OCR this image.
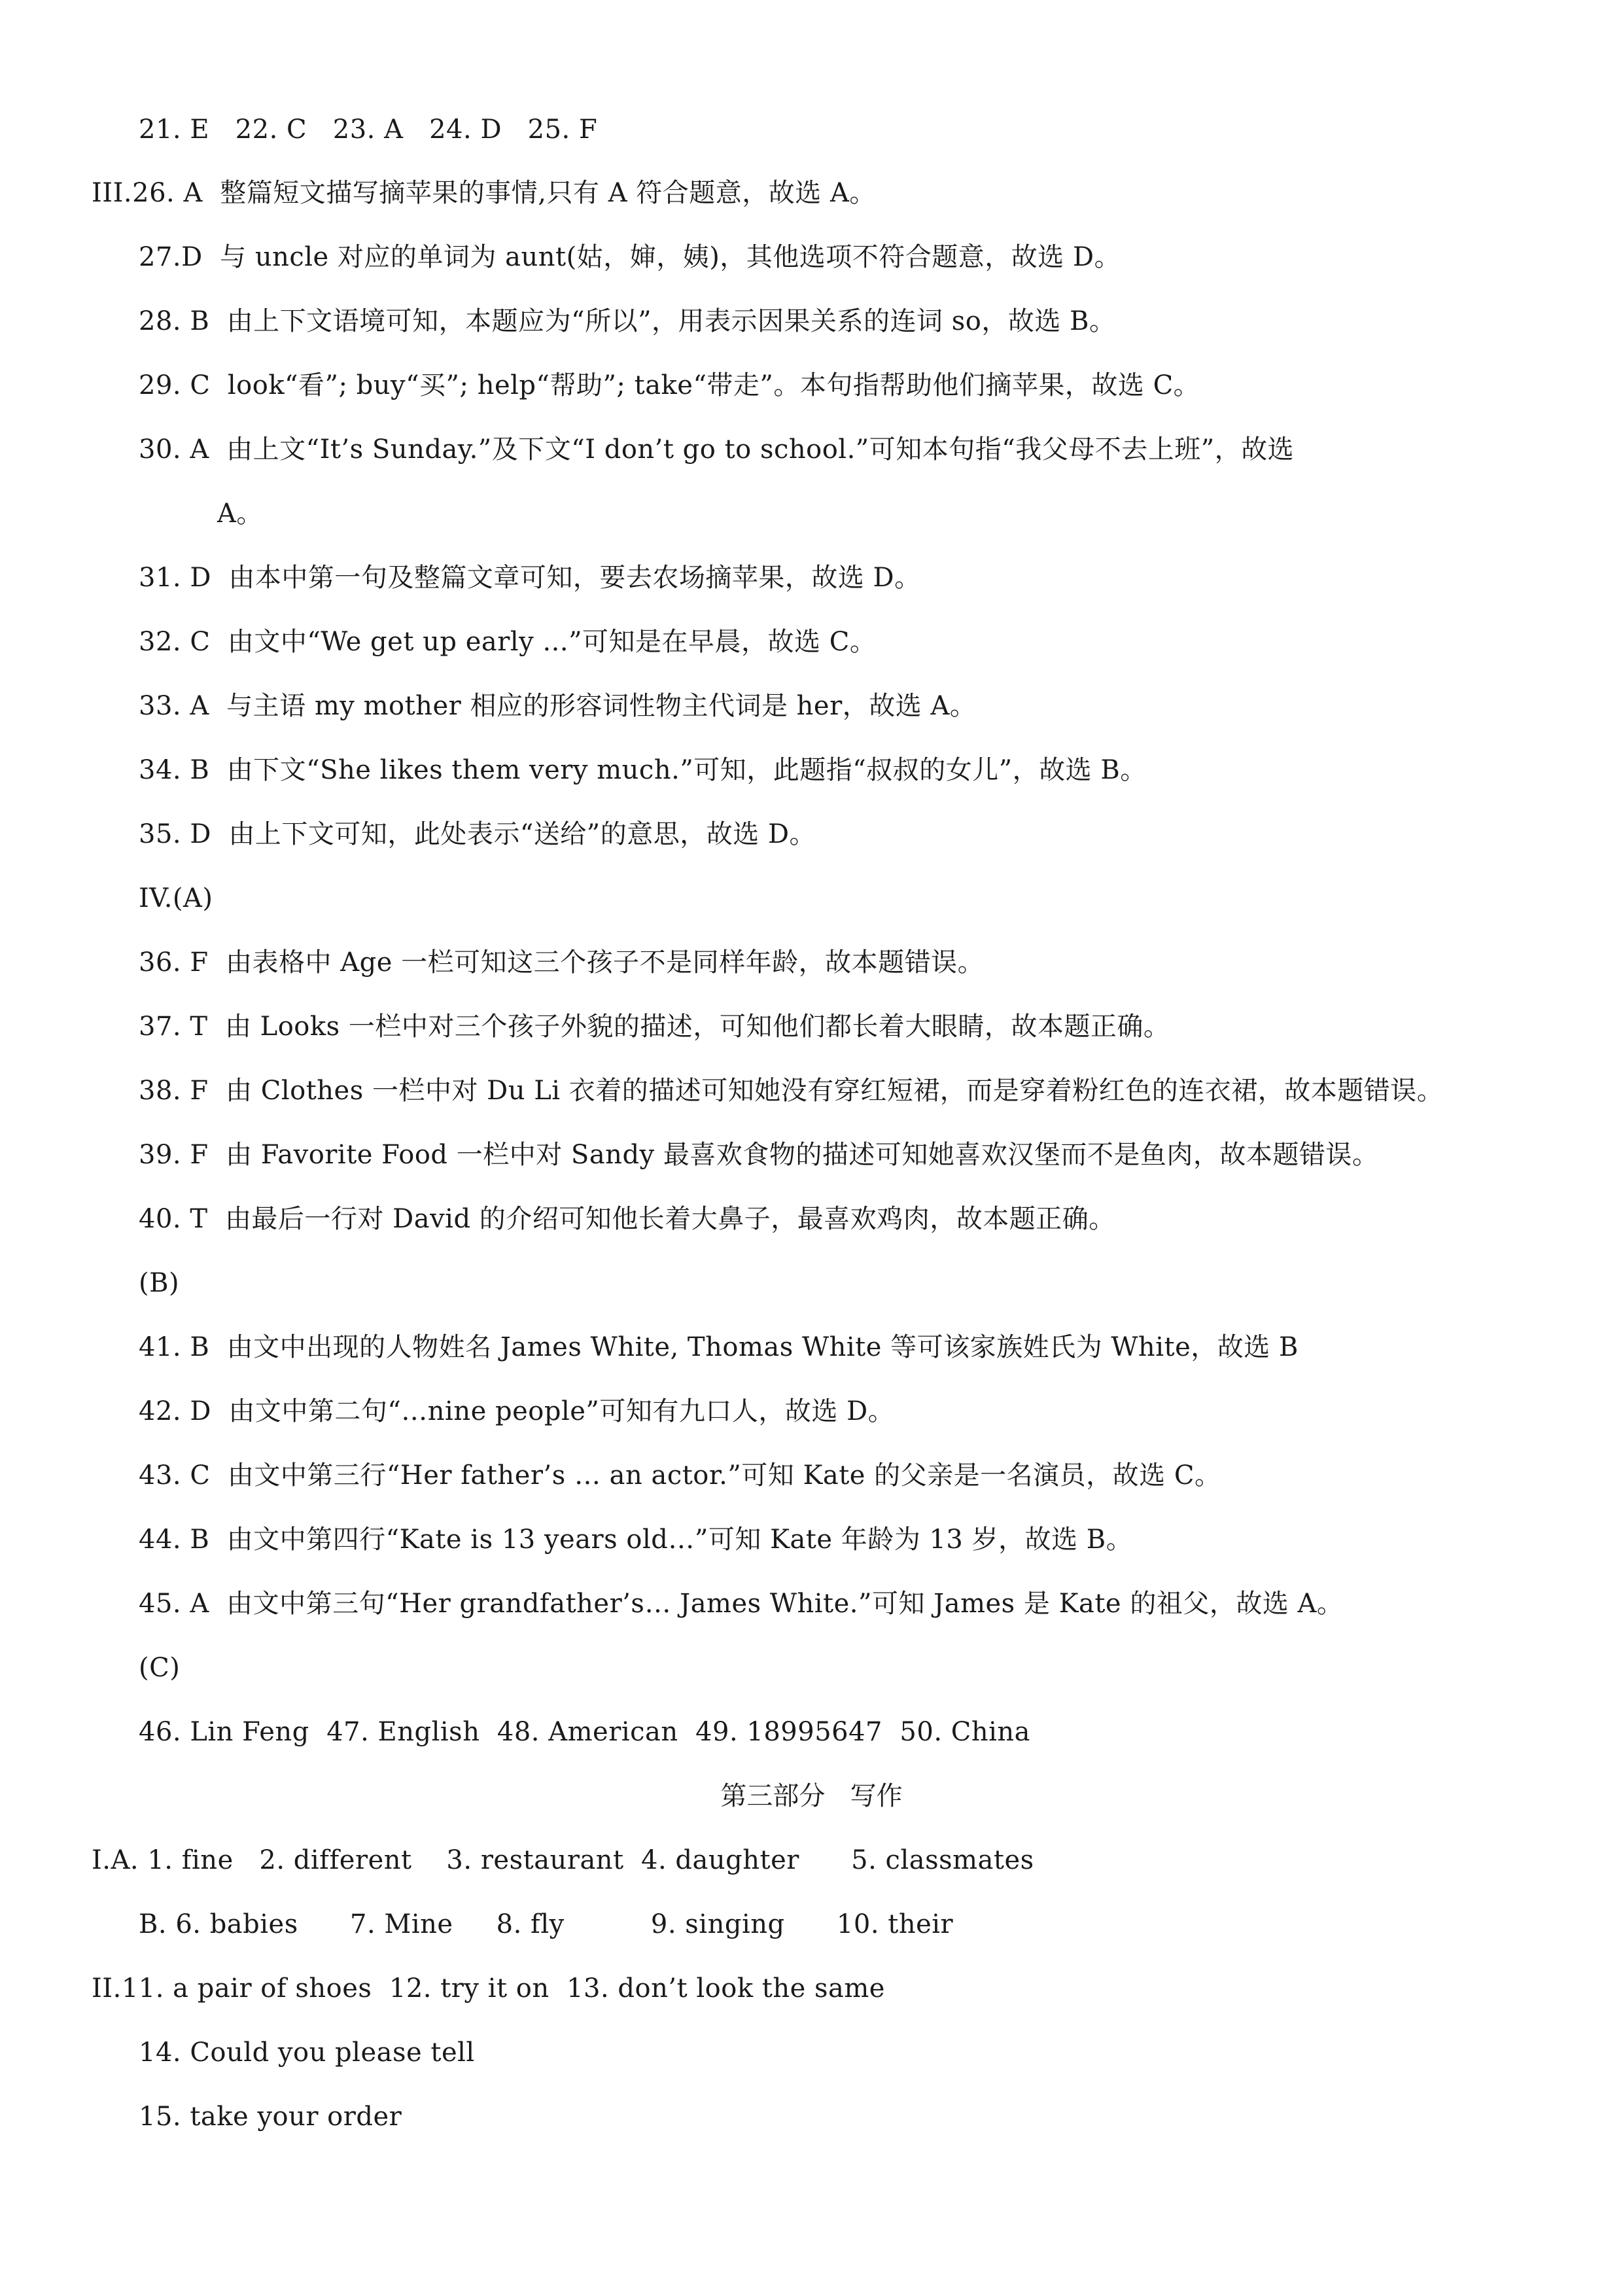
21. E   22. C   23. A   24. D   25. F
III.26. A  整篇短文描写摘苹果的事情,只有 A 符合题意，故选 A。
27.D  与 uncle 对应的单词为 aunt(姑，婶，姨)，其他选项不符合题意，故选 D。
28. B  由上下文语境可知，本题应为“所以”，用表示因果关系的连词 so，故选 B。
29. C  look“看”; buy“买”; help“帮助”; take“带走”。本句指帮助他们摘苹果，故选 C。
30. A  由上文“It’s Sunday.”及下文“I don’t go to school.”可知本句指“我父母不去上班”，故选
A。
31. D  由本中第一句及整篇文章可知，要去农场摘苹果，故选 D。
32. C  由文中“We get up early ...”可知是在早晨，故选 C。
33. A  与主语 my mother 相应的形容词性物主代词是 her，故选 A。
34. B  由下文“She likes them very much.”可知，此题指“叔叔的女儿”，故选 B。
35. D  由上下文可知，此处表示“送给”的意思，故选 D。
IV.(A)
36. F  由表格中 Age 一栏可知这三个孩子不是同样年龄，故本题错误。
37. T  由 Looks 一栏中对三个孩子外貌的描述，可知他们都长着大眼睛，故本题正确。
38. F  由 Clothes 一栏中对 Du Li 衣着的描述可知她没有穿红短裙，而是穿着粉红色的连衣裙，故本题错误。
39. F  由 Favorite Food 一栏中对 Sandy 最喜欢食物的描述可知她喜欢汉堡而不是鱼肉，故本题错误。
40. T  由最后一行对 David 的介绍可知他长着大鼻子，最喜欢鸡肉，故本题正确。
(B)
41. B  由文中出现的人物姓名 James White, Thomas White 等可该家族姓氏为 White，故选 B
42. D  由文中第二句“…nine people”可知有九口人，故选 D。
43. C  由文中第三行“Her father’s … an actor.”可知 Kate 的父亲是一名演员，故选 C。
44. B  由文中第四行“Kate is 13 years old…”可知 Kate 年龄为 13 岁，故选 B。
45. A  由文中第三句“Her grandfather’s… James White.”可知 James 是 Kate 的祖父，故选 A。
(C)
46. Lin Feng  47. English  48. American  49. 18995647  50. China
第三部分   写作
I.A. 1. fine   2. different    3. restaurant  4. daughter      5. classmates
B. 6. babies      7. Mine     8. fly          9. singing      10. their
II.11. a pair of shoes  12. try it on  13. don’t look the same
14. Could you please tell
15. take your order
